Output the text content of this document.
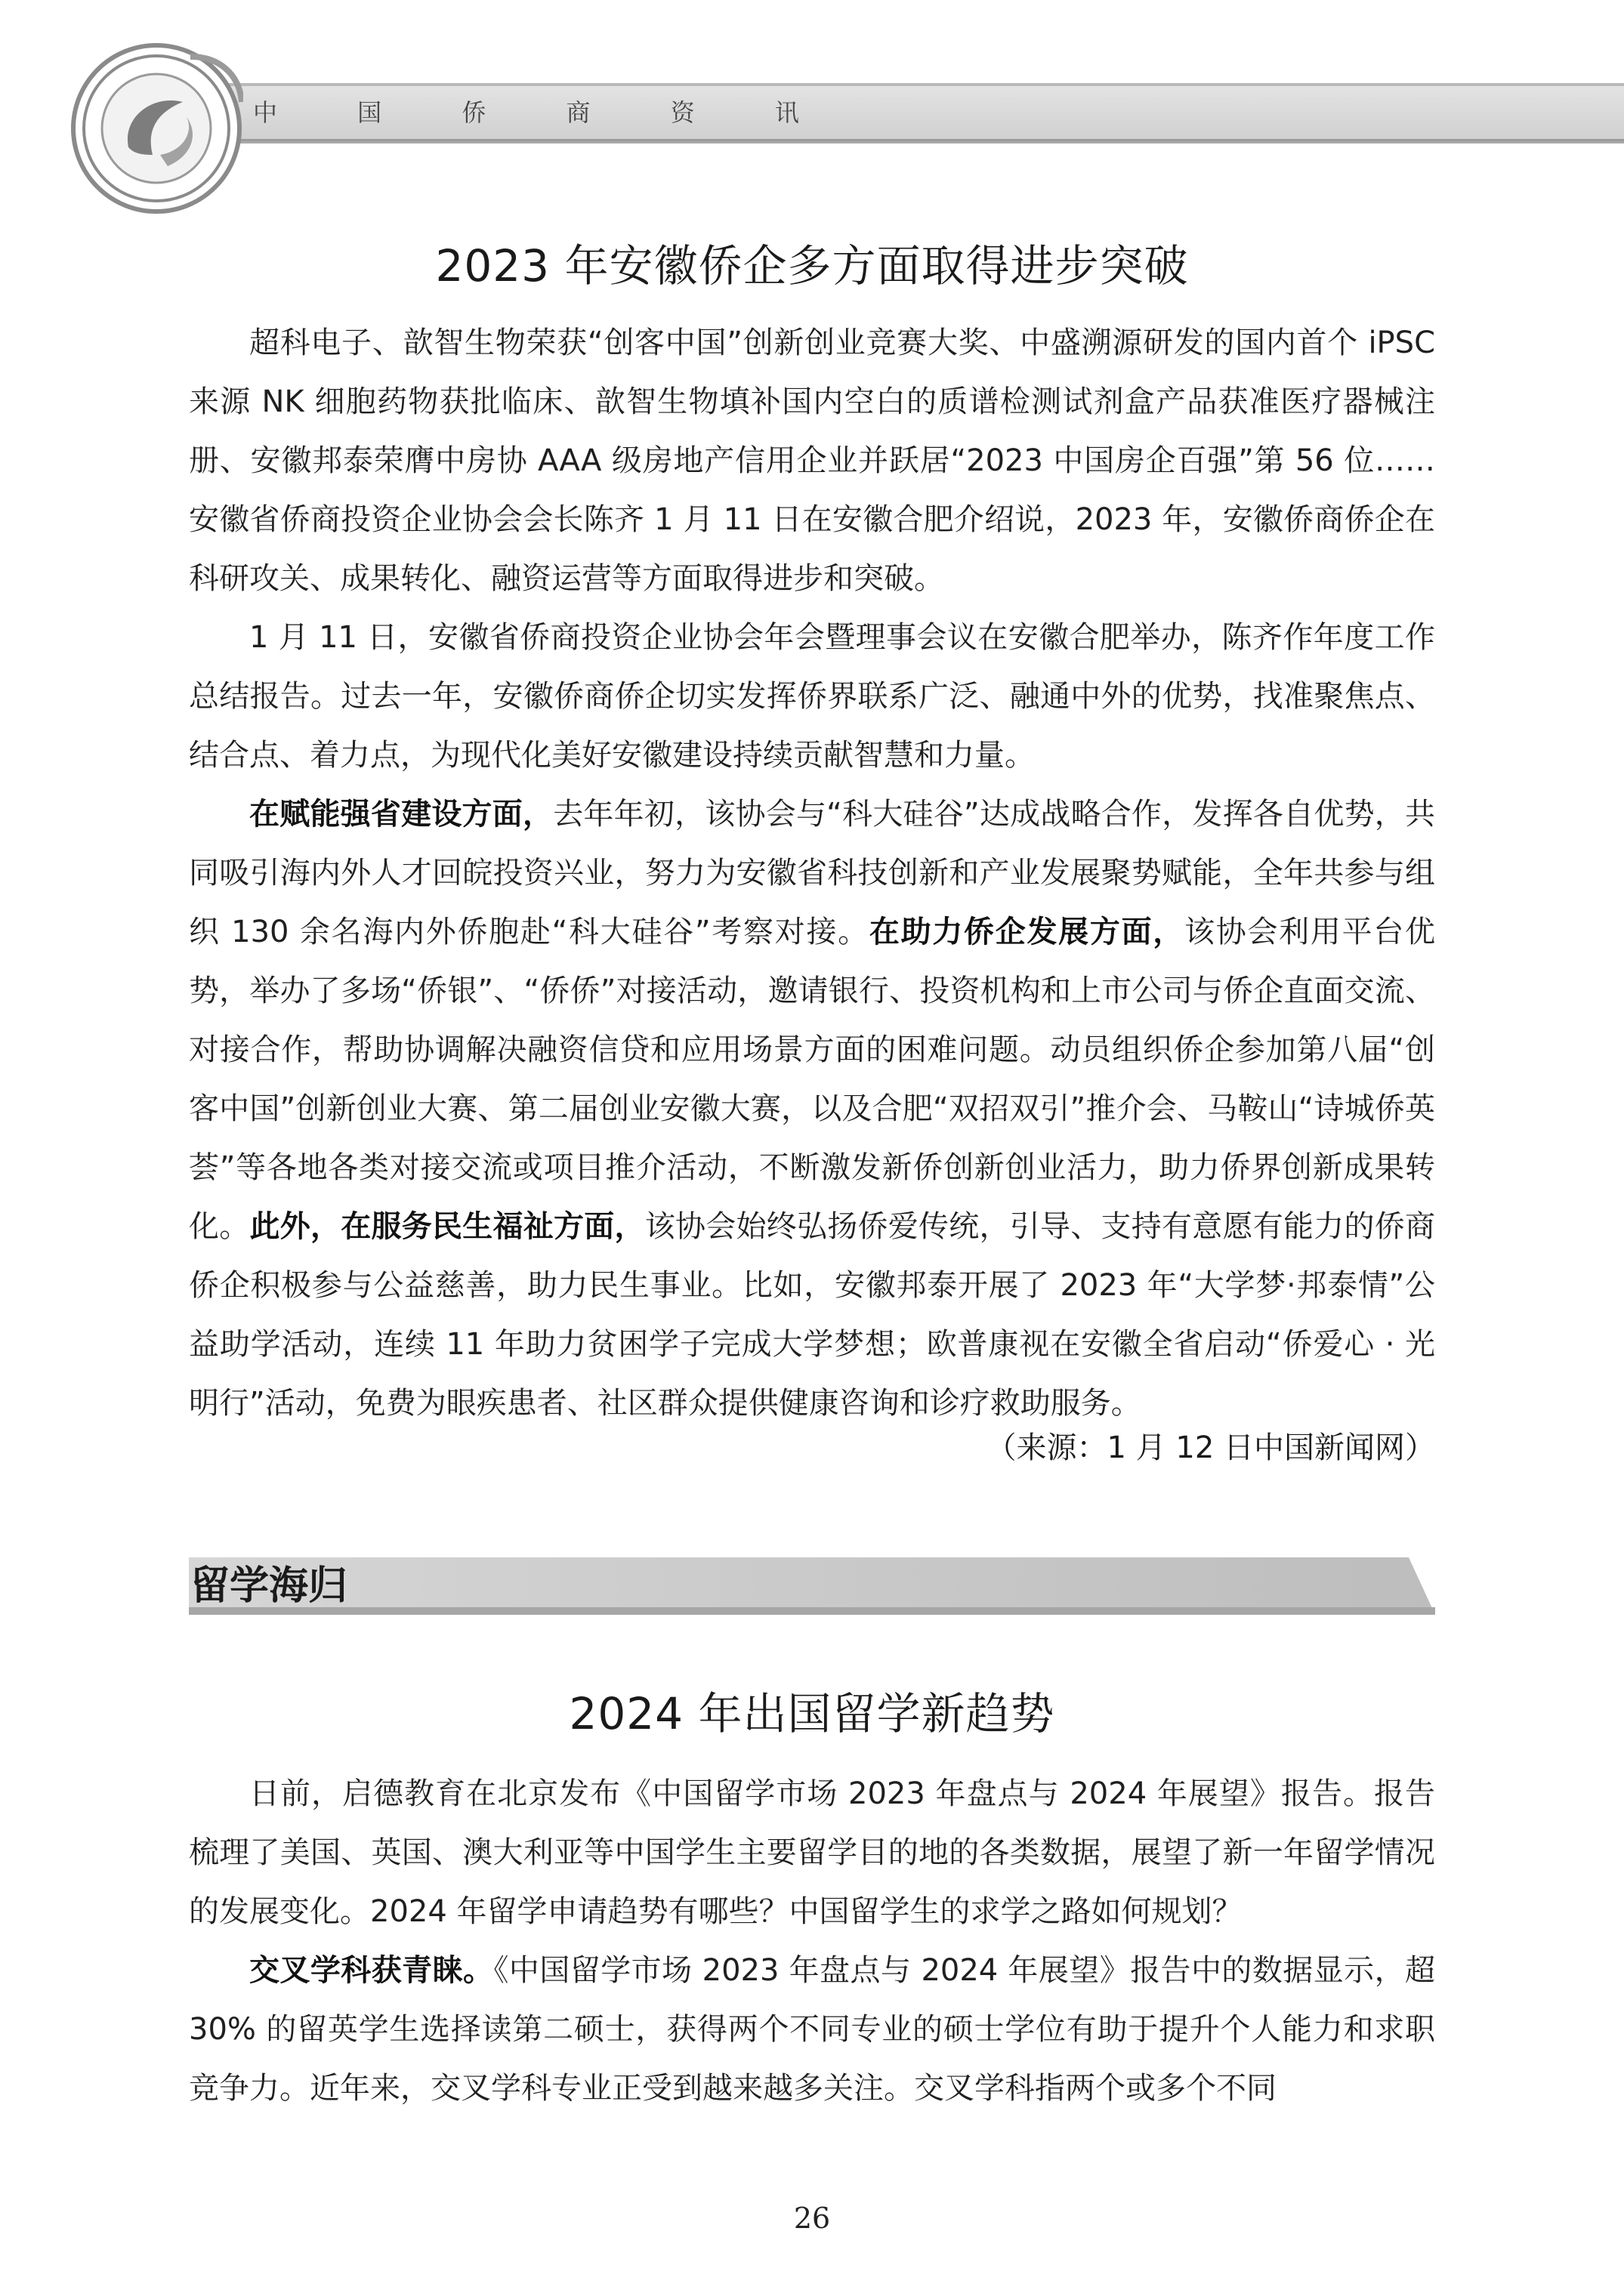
中 国 侨 商 资 讯
2023 年安徽侨企多方面取得进步突破

超科电子、歆智生物荣获“创客中国”创新创业竞赛大奖、中盛溯源研发的国内首个 iPSC 来源 NK 细胞药物获批临床、歆智生物填补国内空白的质谱检测试剂盒产品获准医疗器械注册、安徽邦泰荣膺中房协 AAA 级房地产信用企业并跃居“2023 中国房企百强”第 56 位……安徽省侨商投资企业协会会长陈齐 1 月 11 日在安徽合肥介绍说，2023 年，安徽侨商侨企在科研攻关、成果转化、融资运营等方面取得进步和突破。

1 月 11 日，安徽省侨商投资企业协会年会暨理事会议在安徽合肥举办，陈齐作年度工作总结报告。过去一年，安徽侨商侨企切实发挥侨界联系广泛、融通中外的优势，找准聚焦点、结合点、着力点，为现代化美好安徽建设持续贡献智慧和力量。

在赋能强省建设方面，去年年初，该协会与“科大硅谷”达成战略合作，发挥各自优势，共同吸引海内外人才回皖投资兴业，努力为安徽省科技创新和产业发展聚势赋能，全年共参与组织 130 余名海内外侨胞赴“科大硅谷”考察对接。在助力侨企发展方面，该协会利用平台优势，举办了多场“侨银”、“侨侨”对接活动，邀请银行、投资机构和上市公司与侨企直面交流、对接合作，帮助协调解决融资信贷和应用场景方面的困难问题。动员组织侨企参加第八届“创客中国”创新创业大赛、第二届创业安徽大赛，以及合肥“双招双引”推介会、马鞍山“诗城侨英荟”等各地各类对接交流或项目推介活动，不断激发新侨创新创业活力，助力侨界创新成果转化。此外，在服务民生福祉方面，该协会始终弘扬侨爱传统，引导、支持有意愿有能力的侨商侨企积极参与公益慈善，助力民生事业。比如，安徽邦泰开展了 2023 年“大学梦·邦泰情”公益助学活动，连续 11 年助力贫困学子完成大学梦想；欧普康视在安徽全省启动“侨爱心 · 光明行”活动，免费为眼疾患者、社区群众提供健康咨询和诊疗救助服务。

（来源：1 月 12 日中国新闻网）
留学海归
2024 年出国留学新趋势

日前，启德教育在北京发布《中国留学市场 2023 年盘点与 2024 年展望》报告。报告梳理了美国、英国、澳大利亚等中国学生主要留学目的地的各类数据，展望了新一年留学情况的发展变化。2024 年留学申请趋势有哪些？中国留学生的求学之路如何规划？

交叉学科获青睐。《中国留学市场 2023 年盘点与 2024 年展望》报告中的数据显示，超 30% 的留英学生选择读第二硕士，获得两个不同专业的硕士学位有助于提升个人能力和求职竞争力。近年来，交叉学科专业正受到越来越多关注。交叉学科指两个或多个不同

26
